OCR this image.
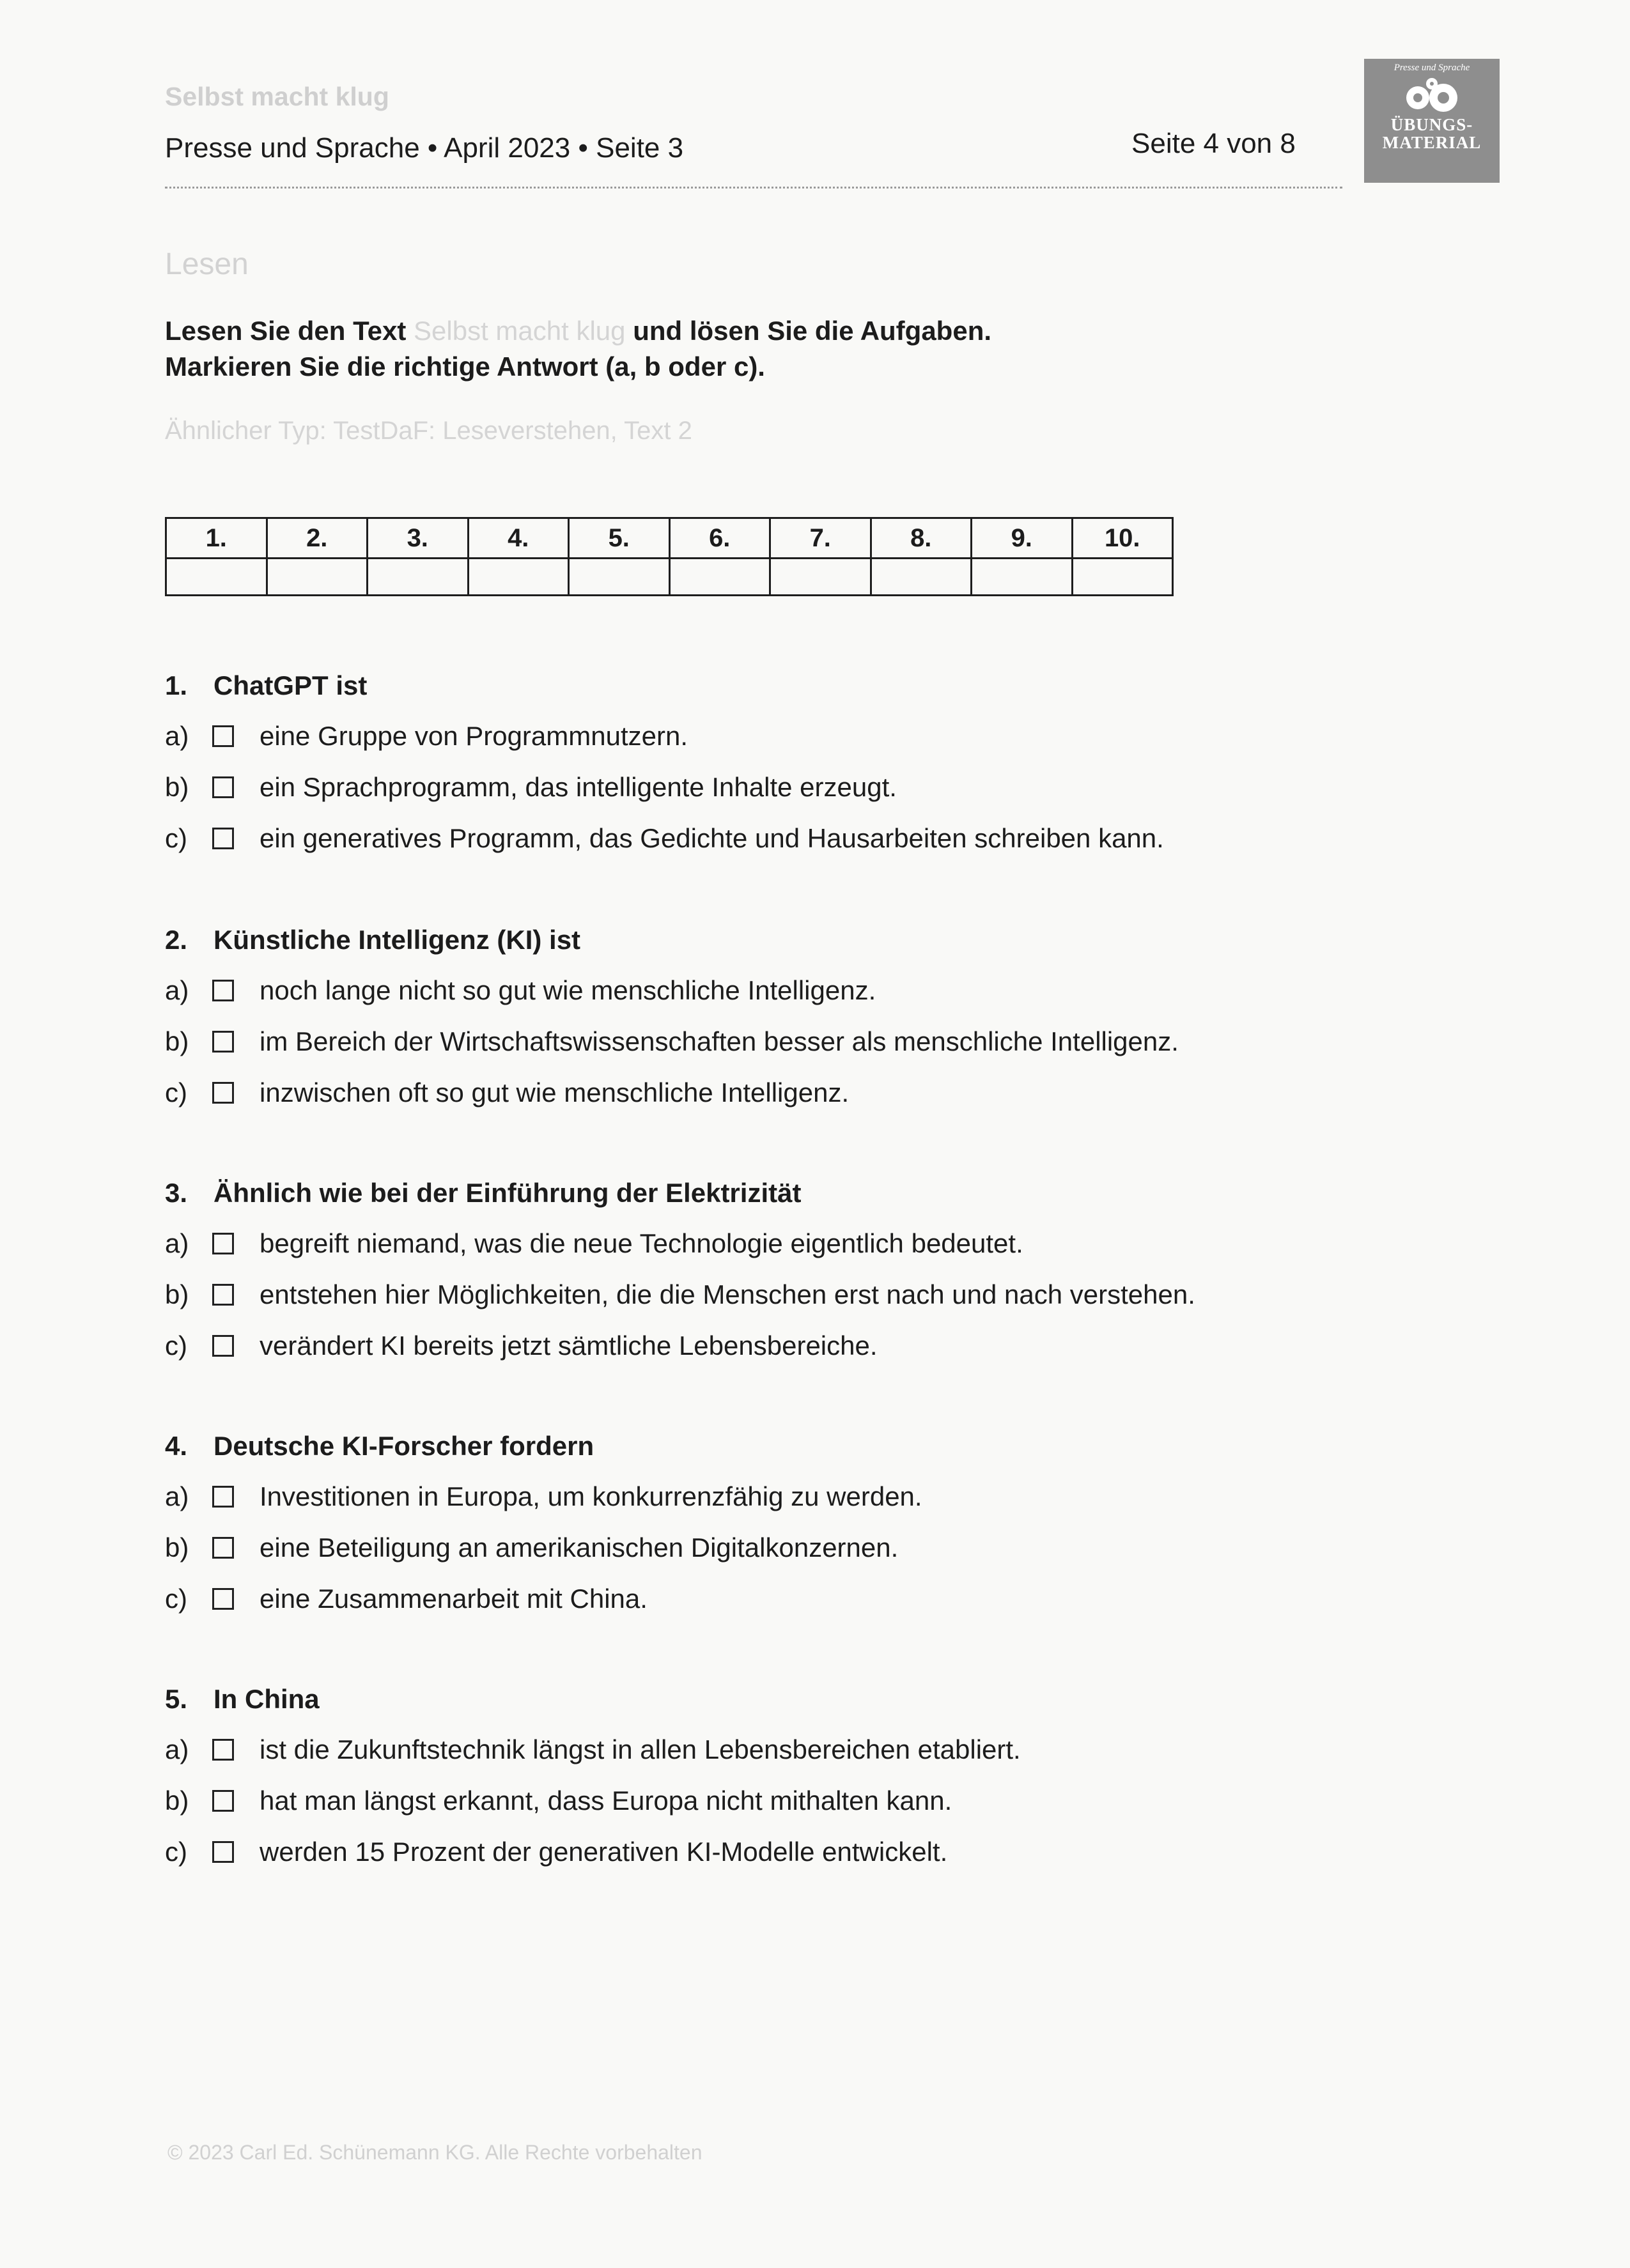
Selbst macht klug
Presse und Sprache • April 2023 • Seite 3	Seite 4 von 8
Presse und Sprache
ÜBUNGS-
MATERIAL
Lesen
Lesen Sie den Text Selbst macht klug und lösen Sie die Aufgaben.
Markieren Sie die richtige Antwort (a, b oder c).
Ähnlicher Typ: TestDaF: Leseverstehen, Text 2
1.	2.	3.	4.	5.	6.	7.	8.	9.	10.

1. ChatGPT ist
a)	eine Gruppe von Programmnutzern.
b)	ein Sprachprogramm, das intelligente Inhalte erzeugt.
c)	ein generatives Programm, das Gedichte und Hausarbeiten schreiben kann.
2. Künstliche Intelligenz (KI) ist
a)	noch lange nicht so gut wie menschliche Intelligenz.
b)	im Bereich der Wirtschaftswissenschaften besser als menschliche Intelligenz.
c)	inzwischen oft so gut wie menschliche Intelligenz.
3. Ähnlich wie bei der Einführung der Elektrizität
a)	begreift niemand, was die neue Technologie eigentlich bedeutet.
b)	entstehen hier Möglichkeiten, die die Menschen erst nach und nach verstehen.
c)	verändert KI bereits jetzt sämtliche Lebensbereiche.
4. Deutsche KI-Forscher fordern
a)	Investitionen in Europa, um konkurrenzfähig zu werden.
b)	eine Beteiligung an amerikanischen Digitalkonzernen.
c)	eine Zusammenarbeit mit China.
5. In China
a)	ist die Zukunftstechnik längst in allen Lebensbereichen etabliert.
b)	hat man längst erkannt, dass Europa nicht mithalten kann.
c)	werden 15 Prozent der generativen KI-Modelle entwickelt.
© 2023 Carl Ed. Schünemann KG. Alle Rechte vorbehalten
